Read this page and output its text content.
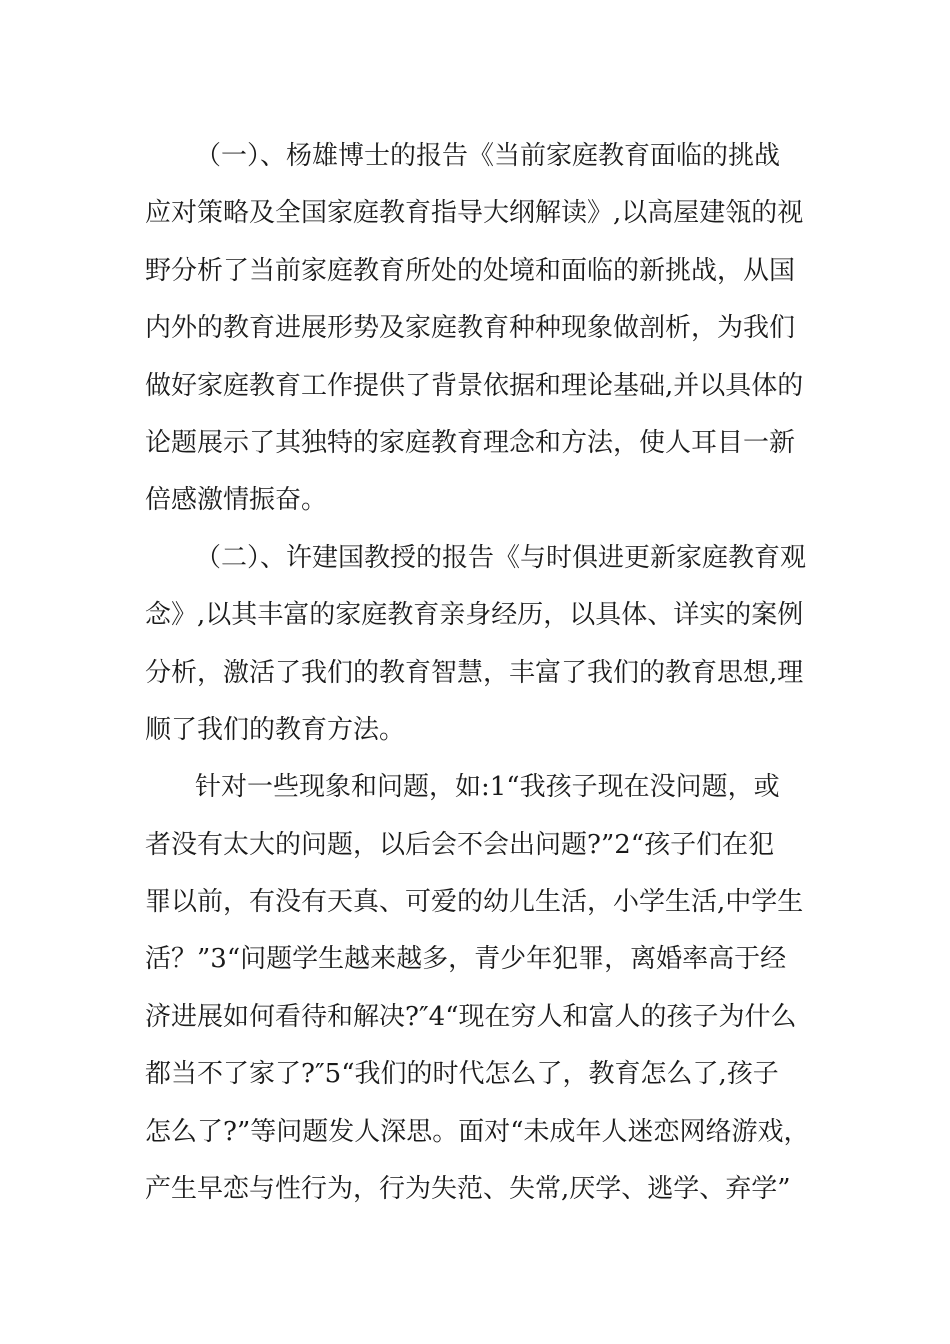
（一）、杨雄博士的报告《当前家庭教育面临的挑战
应对策略及全国家庭教育指导大纲解读》,以高屋建瓴的视
野分析了当前家庭教育所处的处境和面临的新挑战，从国
内外的教育进展形势及家庭教育种种现象做剖析，为我们
做好家庭教育工作提供了背景依据和理论基础,并以具体的
论题展示了其独特的家庭教育理念和方法，使人耳目一新
倍感激情振奋。
（二）、许建国教授的报告《与时俱进更新家庭教育观
念》,以其丰富的家庭教育亲身经历，以具体、详实的案例
分析，激活了我们的教育智慧，丰富了我们的教育思想,理
顺了我们的教育方法。
针对一些现象和问题，如:1“我孩子现在没问题，或
者没有太大的问题，以后会不会出问题?”2“孩子们在犯
罪以前，有没有天真、可爱的幼儿生活，小学生活,中学生
活？”3“问题学生越来越多，青少年犯罪，离婚率高于经
济进展如何看待和解决?″4“现在穷人和富人的孩子为什么
都当不了家了?″5“我们的时代怎么了，教育怎么了,孩子
怎么了?”等问题发人深思。面对“未成年人迷恋网络游戏，
产生早恋与性行为，行为失范、失常,厌学、逃学、弃学”
